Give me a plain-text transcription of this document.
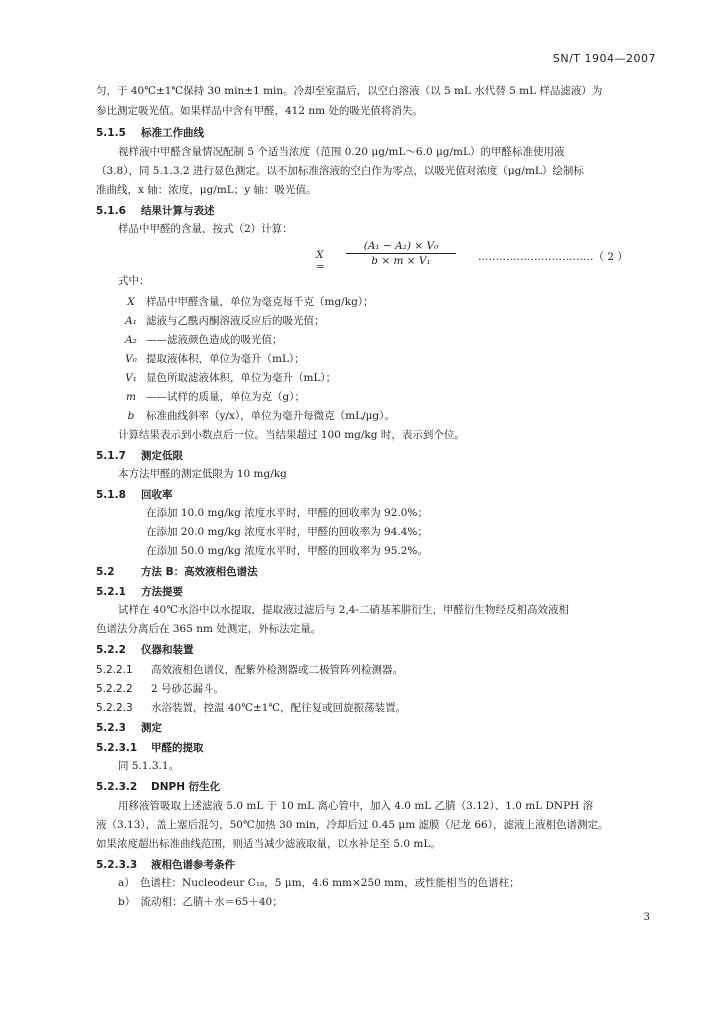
SN/T 1904—2007
匀，于 40℃±1℃保持 30 min±1 min。冷却至室温后，以空白溶液（以 5 mL 水代替 5 mL 样品滤液）为
参比测定吸光值。如果样品中含有甲醛，412 nm 处的吸光值将消失。
5.1.5 标准工作曲线
视样液中甲醛含量情况配制 5 个适当浓度（范围 0.20 μg/mL～6.0 μg/mL）的甲醛标准使用液
（3.8），同 5.1.3.2 进行显色测定。以不加标准溶液的空白作为零点，以吸光值对浓度（μg/mL）绘制标
准曲线，x 轴：浓度，μg/mL；y 轴：吸光值。
5.1.6 结果计算与表述
样品中甲醛的含量，按式（2）计算：
$X = \frac{\text{(A₁ − A₂) × V₀}}{\text{b × m × V₁}}$ ……………………………（ 2 ）
式中：
X 样品中甲醛含量，单位为毫克每千克（mg/kg）；
A₁ 滤液与乙酰丙酮溶液反应后的吸光值；
A₂ ——滤液颜色造成的吸光值；
V₀ 提取液体积，单位为毫升（mL）；
V₁ 显色所取滤液体积，单位为毫升（mL）；
m ——试样的质量，单位为克（g）；
b 标准曲线斜率（y/x），单位为毫升每微克（mL/μg）。
计算结果表示到小数点后一位。当结果超过 100 mg/kg 时，表示到个位。
5.1.7 测定低限
本方法甲醛的测定低限为 10 mg/kg
5.1.8 回收率
在添加 10.0 mg/kg 浓度水平时，甲醛的回收率为 92.0%；
在添加 20.0 mg/kg 浓度水平时，甲醛的回收率为 94.4%；
在添加 50.0 mg/kg 浓度水平时，甲醛的回收率为 95.2%。
5.2	方法 B：高效液相色谱法
5.2.1 方法提要
试样在 40℃水浴中以水提取，提取液过滤后与 2,4-二硝基苯肼衍生，甲醛衍生物经反相高效液相
色谱法分离后在 365 nm 处测定，外标法定量。
5.2.2 仪器和装置
5.2.2.1 高效液相色谱仪，配紫外检测器或二极管阵列检测器。
5.2.2.2 2 号砂芯漏斗。
5.2.2.3 水浴装置，控温 40℃±1℃，配往复或回旋振荡装置。
5.2.3 测定
5.2.3.1 甲醛的提取
同 5.1.3.1。
5.2.3.2 DNPH 衍生化
用移液管吸取上述滤液 5.0 mL 于 10 mL 离心管中，加入 4.0 mL 乙腈（3.12）、1.0 mL DNPH 溶
液（3.13），盖上塞后混匀，50℃加热 30 min，冷却后过 0.45 μm 滤膜（尼龙 66），滤液上液相色谱测定。
如果浓度超出标准曲线范围，则适当减少滤液取量，以水补足至 5.0 mL。
5.2.3.3 液相色谱参考条件
a）　色谱柱：Nucleodeur C₁₈，5 μm，4.6 mm×250 mm，或性能相当的色谱柱；
b）　流动相：乙腈＋水＝65＋40；
3
